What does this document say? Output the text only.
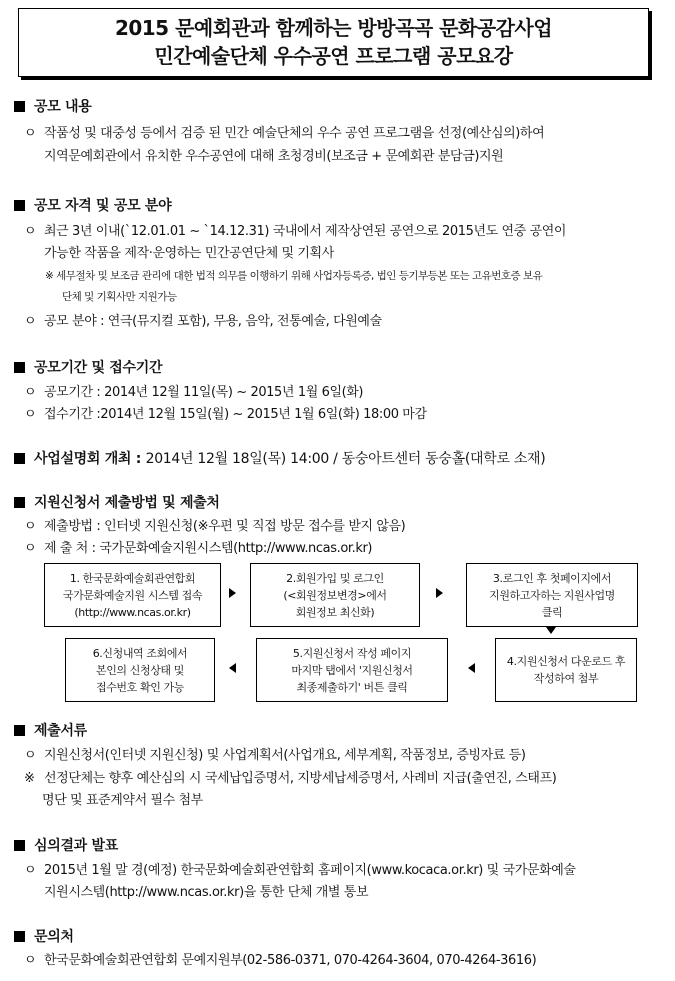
2015 문예회관과 함께하는 방방곡곡 문화공감사업
민간예술단체 우수공연 프로그램 공모요강
공모 내용
ㅇ 작품성 및 대중성 등에서 검증 된 민간 예술단체의 우수 공연 프로그램을 선정(예산심의)하여
지역문예회관에서 유치한 우수공연에 대해 초청경비(보조금 + 문예회관 분담금)지원
공모 자격 및 공모 분야
ㅇ 최근 3년 이내(`12.01.01 ~ `14.12.31) 국내에서 제작상연된 공연으로 2015년도 연중 공연이
가능한 작품을 제작·운영하는 민간공연단체 및 기획사
※ 세무절차 및 보조금 관리에 대한 법적 의무를 이행하기 위해 사업자등록증, 법인 등기부등본 또는 고유번호증 보유
단체 및 기획사만 지원가능
ㅇ 공모 분야 : 연극(뮤지컬 포함), 무용, 음악, 전통예술, 다원예술
공모기간 및 접수기간
ㅇ 공모기간 : 2014년 12월 11일(목) ~ 2015년 1월 6일(화)
ㅇ 접수기간 :2014년 12월 15일(월) ~ 2015년 1월 6일(화) 18:00 마감
사업설명회 개최 : 2014년 12월 18일(목) 14:00 / 동숭아트센터 동숭홀(대학로 소재)
지원신청서 제출방법 및 제출처
ㅇ 제출방법 : 인터넷 지원신청(※우편 및 직접 방문 접수를 받지 않음)
ㅇ 제 출 처 : 국가문화예술지원시스템(http://www.ncas.or.kr)
1. 한국문화예술회관연합회
국가문화예술지원 시스템 접속
(http://www.ncas.or.kr)
2.회원가입 및 로그인
(<회원정보변경>에서
회원정보 최신화)
3.로그인 후 첫페이지에서
지원하고자하는 지원사업명
클릭
4.지원신청서 다운로드 후
작성하여 첨부
5.지원신청서 작성 페이지
마지막 탭에서 '지원신청서
최종제출하기' 버튼 클릭
6.신청내역 조회에서
본인의 신청상태 및
접수번호 확인 가능
제출서류
ㅇ 지원신청서(인터넷 지원신청) 및 사업계획서(사업개요, 세부계획, 작품정보, 증빙자료 등)
※ 선정단체는 향후 예산심의 시 국세납입증명서, 지방세납세증명서, 사례비 지급(출연진, 스태프)
명단 및 표준계약서 필수 첨부
심의결과 발표
ㅇ 2015년 1월 말 경(예정) 한국문화예술회관연합회 홈페이지(www.kocaca.or.kr) 및 국가문화예술
지원시스템(http://www.ncas.or.kr)을 통한 단체 개별 통보
문의처
ㅇ 한국문화예술회관연합회 문예지원부(02-586-0371, 070-4264-3604, 070-4264-3616)
